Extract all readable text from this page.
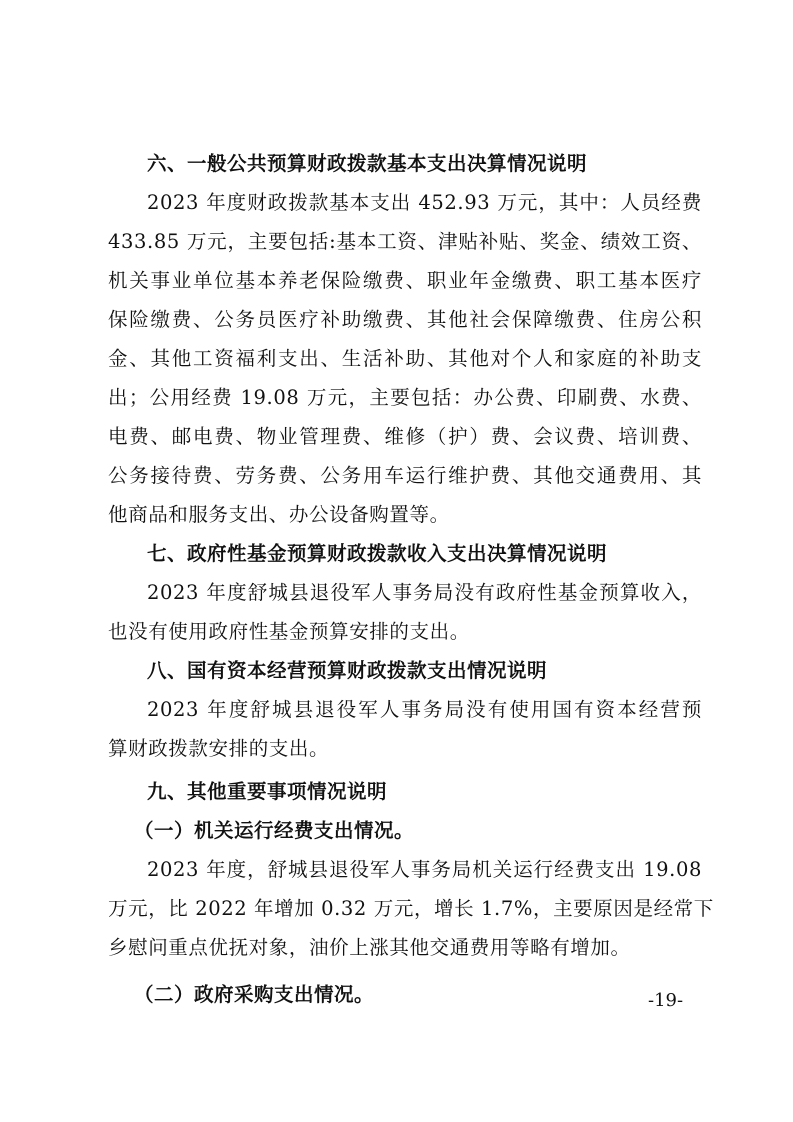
六、一般公共预算财政拨款基本支出决算情况说明

2023 年度财政拨款基本支出 452.93 万元，其中：人员经费

433.85 万元，主要包括:基本工资、津贴补贴、奖金、绩效工资、

机关事业单位基本养老保险缴费、职业年金缴费、职工基本医疗

保险缴费、公务员医疗补助缴费、其他社会保障缴费、住房公积

金、其他工资福利支出、生活补助、其他对个人和家庭的补助支

出；公用经费 19.08 万元，主要包括：办公费、印刷费、水费、

电费、邮电费、物业管理费、维修（护）费、会议费、培训费、

公务接待费、劳务费、公务用车运行维护费、其他交通费用、其

他商品和服务支出、办公设备购置等。

七、政府性基金预算财政拨款收入支出决算情况说明

2023 年度舒城县退役军人事务局没有政府性基金预算收入，

也没有使用政府性基金预算安排的支出。

八、国有资本经营预算财政拨款支出情况说明

2023 年度舒城县退役军人事务局没有使用国有资本经营预

算财政拨款安排的支出。

九、其他重要事项情况说明

（一）机关运行经费支出情况。

2023 年度，舒城县退役军人事务局机关运行经费支出 19.08

万元，比 2022 年增加 0.32 万元，增长 1.7%，主要原因是经常下

乡慰问重点优抚对象，油价上涨其他交通费用等略有增加。

（二）政府采购支出情况。	-19-
